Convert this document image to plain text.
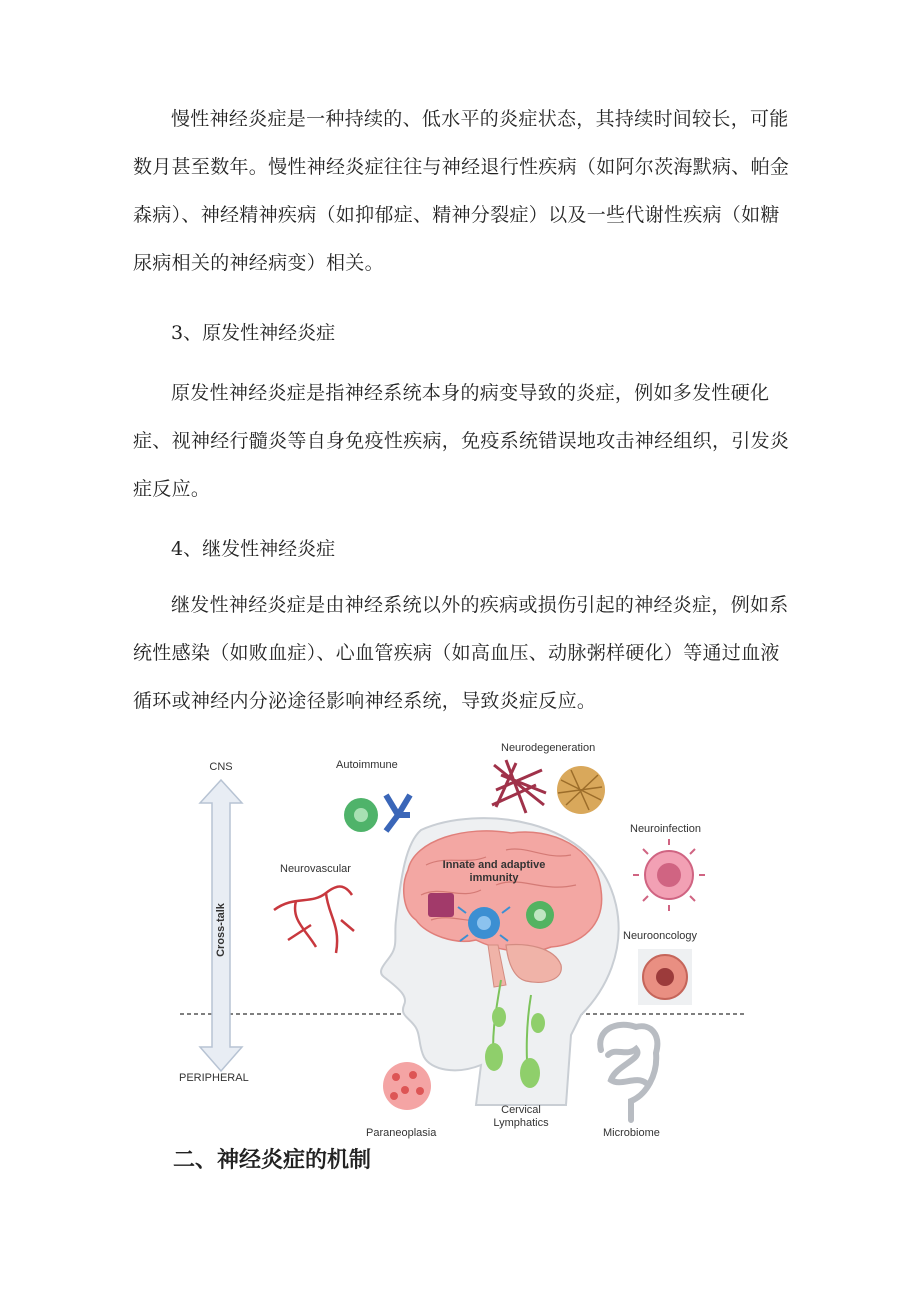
慢性神经炎症是一种持续的、低水平的炎症状态，其持续时间较长，可能数月甚至数年。慢性神经炎症往往与神经退行性疾病（如阿尔茨海默病、帕金森病）、神经精神疾病（如抑郁症、精神分裂症）以及一些代谢性疾病（如糖尿病相关的神经病变）相关。

3、原发性神经炎症

原发性神经炎症是指神经系统本身的病变导致的炎症，例如多发性硬化症、视神经行髓炎等自身免疫性疾病，免疫系统错误地攻击神经组织，引发炎症反应。

4、继发性神经炎症

继发性神经炎症是由神经系统以外的疾病或损伤引起的神经炎症，例如系统性感染（如败血症）、心血管疾病（如高血压、动脉粥样硬化）等通过血液循环或神经内分泌途径影响神经系统，导致炎症反应。

CNS
Cross-talk
PERIPHERAL
Innate and adaptive
immunity
Autoimmune
Neurodegeneration
Neuroinfection
Neurovascular
Neurooncology
Paraneoplasia
Cervical
Lymphatics
Microbiome
二、神经炎症的机制
